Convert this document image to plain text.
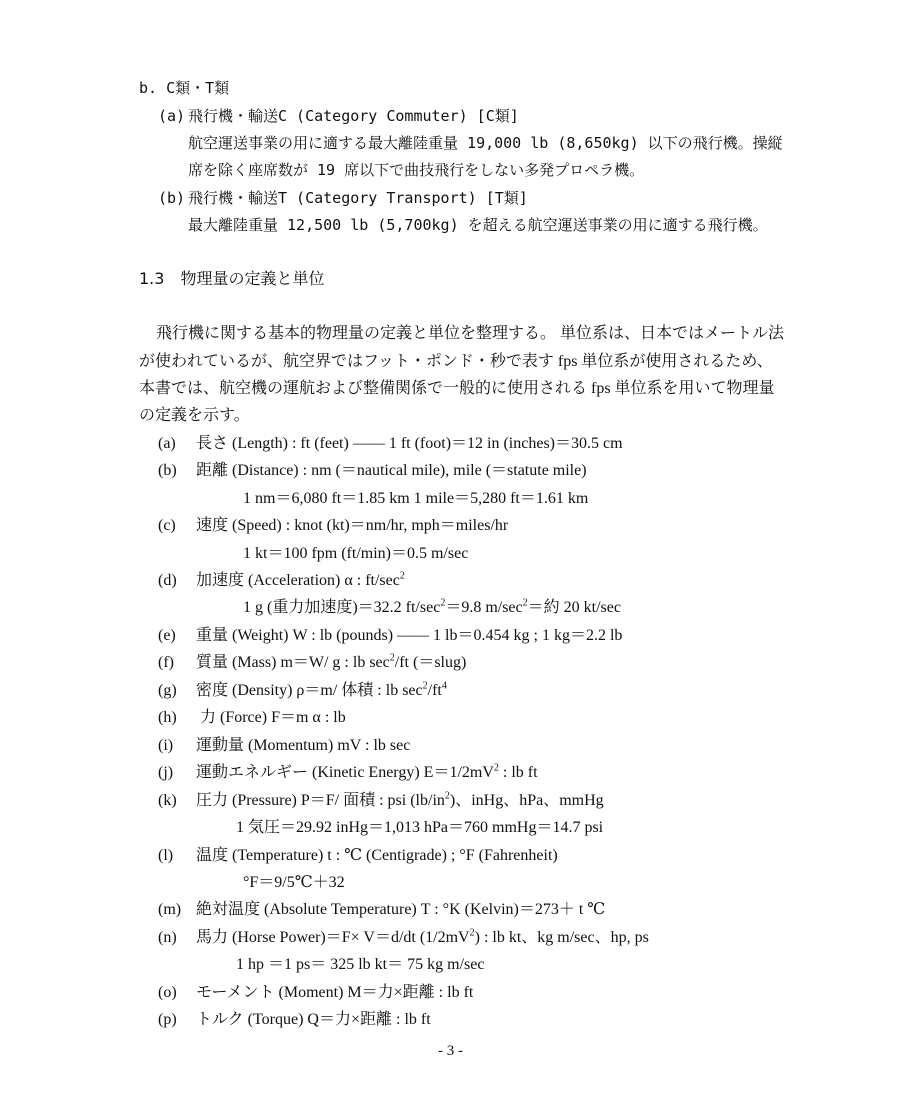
b. C類・T類
(a) 飛行機・輸送C (Category Commuter) [C類]
航空運送事業の用に適する最大離陸重量 19,000 lb (8,650kg) 以下の飛行機。操縦
席を除く座席数が 19 席以下で曲技飛行をしない多発プロペラ機。
(b) 飛行機・輸送T (Category Transport) [T類]
最大離陸重量 12,500 lb (5,700kg) を超える航空運送事業の用に適する飛行機。
1.3　物理量の定義と単位
飛行機に関する基本的物理量の定義と単位を整理する。 単位系は、日本ではメートル法
が使われているが、航空界ではフット・ポンド・秒で表す fps 単位系が使用されるため、
本書では、航空機の運航および整備関係で一般的に使用される fps 単位系を用いて物理量
の定義を示す。
(a) 長さ (Length) : ft (feet) ―― 1 ft (foot)＝12 in (inches)＝30.5 cm
(b) 距離 (Distance) : nm (＝nautical mile), mile (＝statute mile)
1 nm＝6,080 ft＝1.85 km 1 mile＝5,280 ft＝1.61 km
(c) 速度 (Speed) : knot (kt)＝nm/hr, mph＝miles/hr
1 kt＝100 fpm (ft/min)＝0.5 m/sec
(d) 加速度 (Acceleration) α : $ft/\sec^2$
1 g (重力加速度)＝32.2 $ft/\sec^2=9.8$ $m/\sec^2=$約 20 kt/sec
(e) 重量 (Weight) W : lb (pounds) ―― 1 lb＝0.454 kg ; 1 kg＝2.2 lb
(f) 質量 (Mass) m＝W/ g : lb $\sec^2/ft$ (＝slug)
(g) 密度 (Density) ρ＝m/ 体積 : lb $\sec^2/ft^4$
(h) 力 (Force) F＝m α : lb
(i) 運動量 (Momentum) mV : lb sec
(j) 運動エネルギー (Kinetic Energy) $E=1/2mV^2$ : lb ft
(k) 圧力 (Pressure) P＝F/ 面積 : psi $(lb/in^2)$、inHg、hPa、mmHg
1 気圧＝29.92 inHg＝1,013 hPa＝760 mmHg＝14.7 psi
(l) 温度 (Temperature) t : ℃ (Centigrade) ; °F (Fahrenheit)
°F＝9/5℃＋32
(m) 絶対温度 (Absolute Temperature) T : °K (Kelvin)＝273＋ t ℃
(n) 馬力 (Horse Power)＝F× V＝d/dt $(1/2mV^2)$ : lb kt、kg m/sec、hp, ps
1 hp ＝1 ps＝ 325 lb kt＝ 75 kg m/sec
(o) モーメント (Moment) M＝力×距離 : lb ft
(p) トルク (Torque) Q＝力×距離 : lb ft
- 3 -
